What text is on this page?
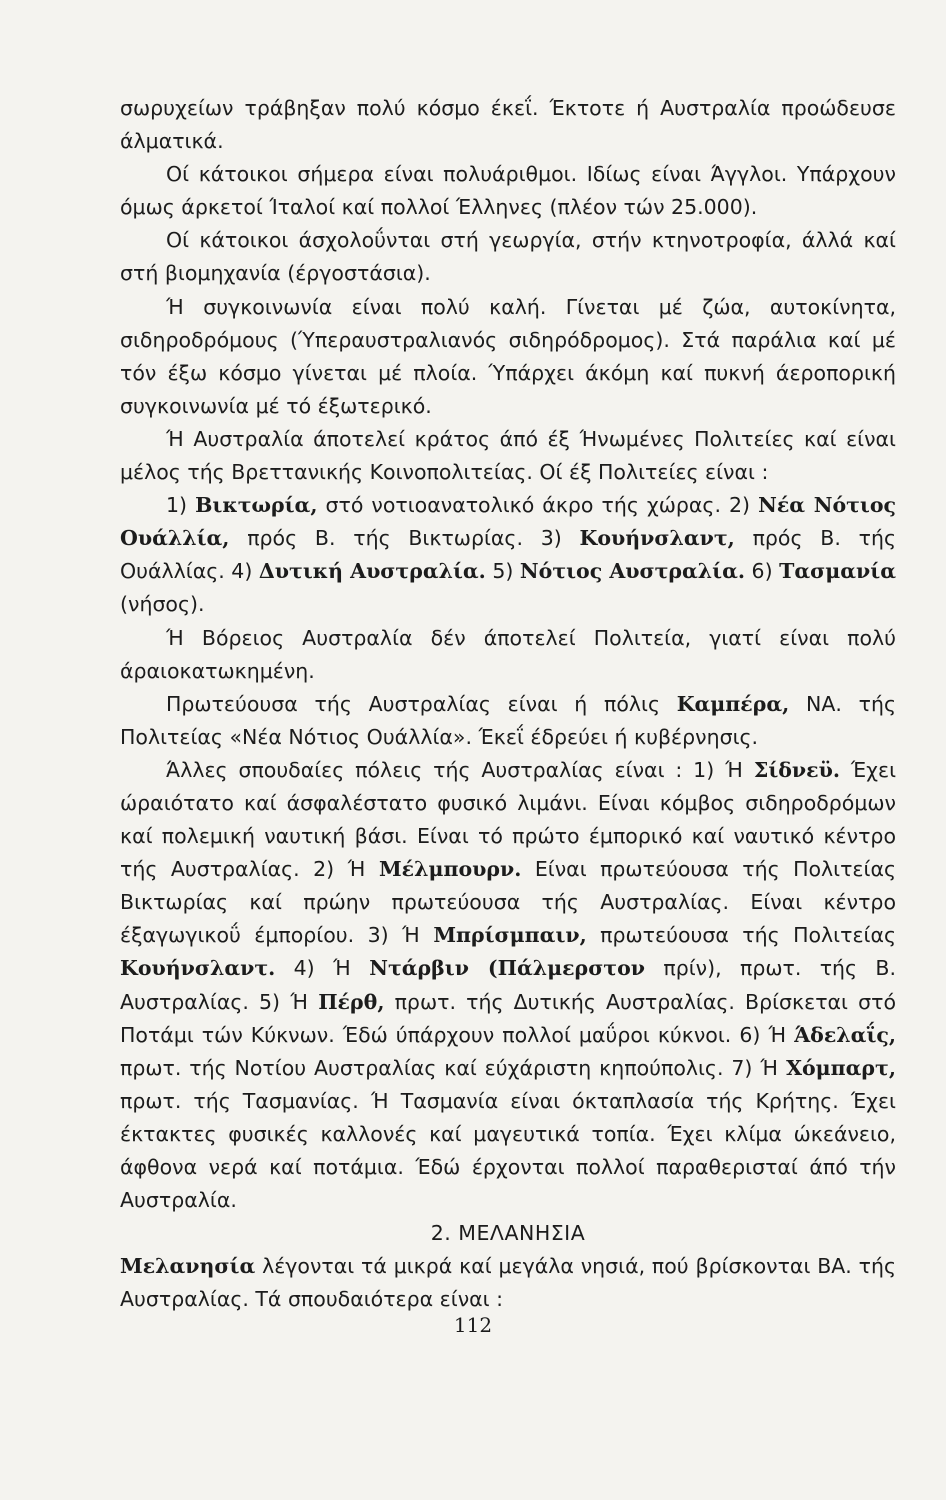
σωρυχείων τράβηξαν πολύ κόσμο έκεΐ. Έκτοτε ή Αυστραλία προώδευσε άλματικά.

Οί κάτοικοι σήμερα είναι πολυάριθμοι. Ιδίως είναι Άγγλοι. Υπάρχουν όμως άρκετοί Ίταλοί καί πολλοί Έλληνες (πλέον τών 25.000).

Οί κάτοικοι άσχολοΰνται στή γεωργία, στήν κτηνοτροφία, άλλά καί στή βιομηχανία (έργοστάσια).

Ή συγκοινωνία είναι πολύ καλή. Γίνεται μέ ζώα, αυτοκίνητα, σιδηροδρόμους (Ύπεραυστραλιανός σιδηρόδρομος). Στά παράλια καί μέ τόν έξω κόσμο γίνεται μέ πλοία. Ύπάρχει άκόμη καί πυκνή άεροπορική συγκοινωνία μέ τό έξωτερικό.

Ή Αυστραλία άποτελεί κράτος άπό έξ Ήνωμένες Πολιτείες καί είναι μέλος τής Βρεττανικής Κοινοπολιτείας. Οί έξ Πολιτείες είναι :

1) Βικτωρία, στό νοτιοανατολικό άκρο τής χώρας. 2) Νέα Νότιος Ουάλλία, πρός Β. τής Βικτωρίας. 3) Κουήνσλαντ, πρός Β. τής Ουάλλίας. 4) Δυτική Αυστραλία. 5) Νότιος Αυστραλία. 6) Τασμανία (νήσος).

Ή Βόρειος Αυστραλία δέν άποτελεί Πολιτεία, γιατί είναι πολύ άραιοκατωκημένη.

Πρωτεύουσα τής Αυστραλίας είναι ή πόλις Καμπέρα, ΝΑ. τής Πολιτείας «Νέα Νότιος Ουάλλία». Έκεΐ έδρεύει ή κυβέρνησις.

Άλλες σπουδαίες πόλεις τής Αυστραλίας είναι : 1) Ή Σίδνεϋ. Έχει ώραιότατο καί άσφαλέστατο φυσικό λιμάνι. Είναι κόμβος σιδηροδρόμων καί πολεμική ναυτική βάσι. Είναι τό πρώτο έμπορικό καί ναυτικό κέντρο τής Αυστραλίας. 2) Ή Μέλμπουρν. Είναι πρωτεύουσα τής Πολιτείας Βικτωρίας καί πρώην πρωτεύουσα τής Αυστραλίας. Είναι κέντρο έξαγωγικοΰ έμπορίου. 3) Ή Μπρίσμπαιν, πρωτεύουσα τής Πολιτείας Κουήνσλαντ. 4) Ή Ντάρβιν (Πάλμερστον πρίν), πρωτ. τής Β. Αυστραλίας. 5) Ή Πέρθ, πρωτ. τής Δυτικής Αυστραλίας. Βρίσκεται στό Ποτάμι τών Κύκνων. Έδώ ύπάρχουν πολλοί μαΰροι κύκνοι. 6) Ή Άδελαΐς, πρωτ. τής Νοτίου Αυστραλίας καί εύχάριστη κηπούπολις. 7) Ή Χόμπαρτ, πρωτ. τής Τασμανίας. Ή Τασμανία είναι όκταπλασία τής Κρήτης. Έχει έκτακτες φυσικές καλλονές καί μαγευτικά τοπία. Έχει κλίμα ώκεάνειο, άφθονα νερά καί ποτάμια. Έδώ έρχονται πολλοί παραθερισταί άπό τήν Αυστραλία.

2. ΜΕΛΑΝΗΣΙΑ

Μελανησία λέγονται τά μικρά καί μεγάλα νησιά, πού βρίσκονται ΒΑ. τής Αυστραλίας. Τά σπουδαιότερα είναι :

112
